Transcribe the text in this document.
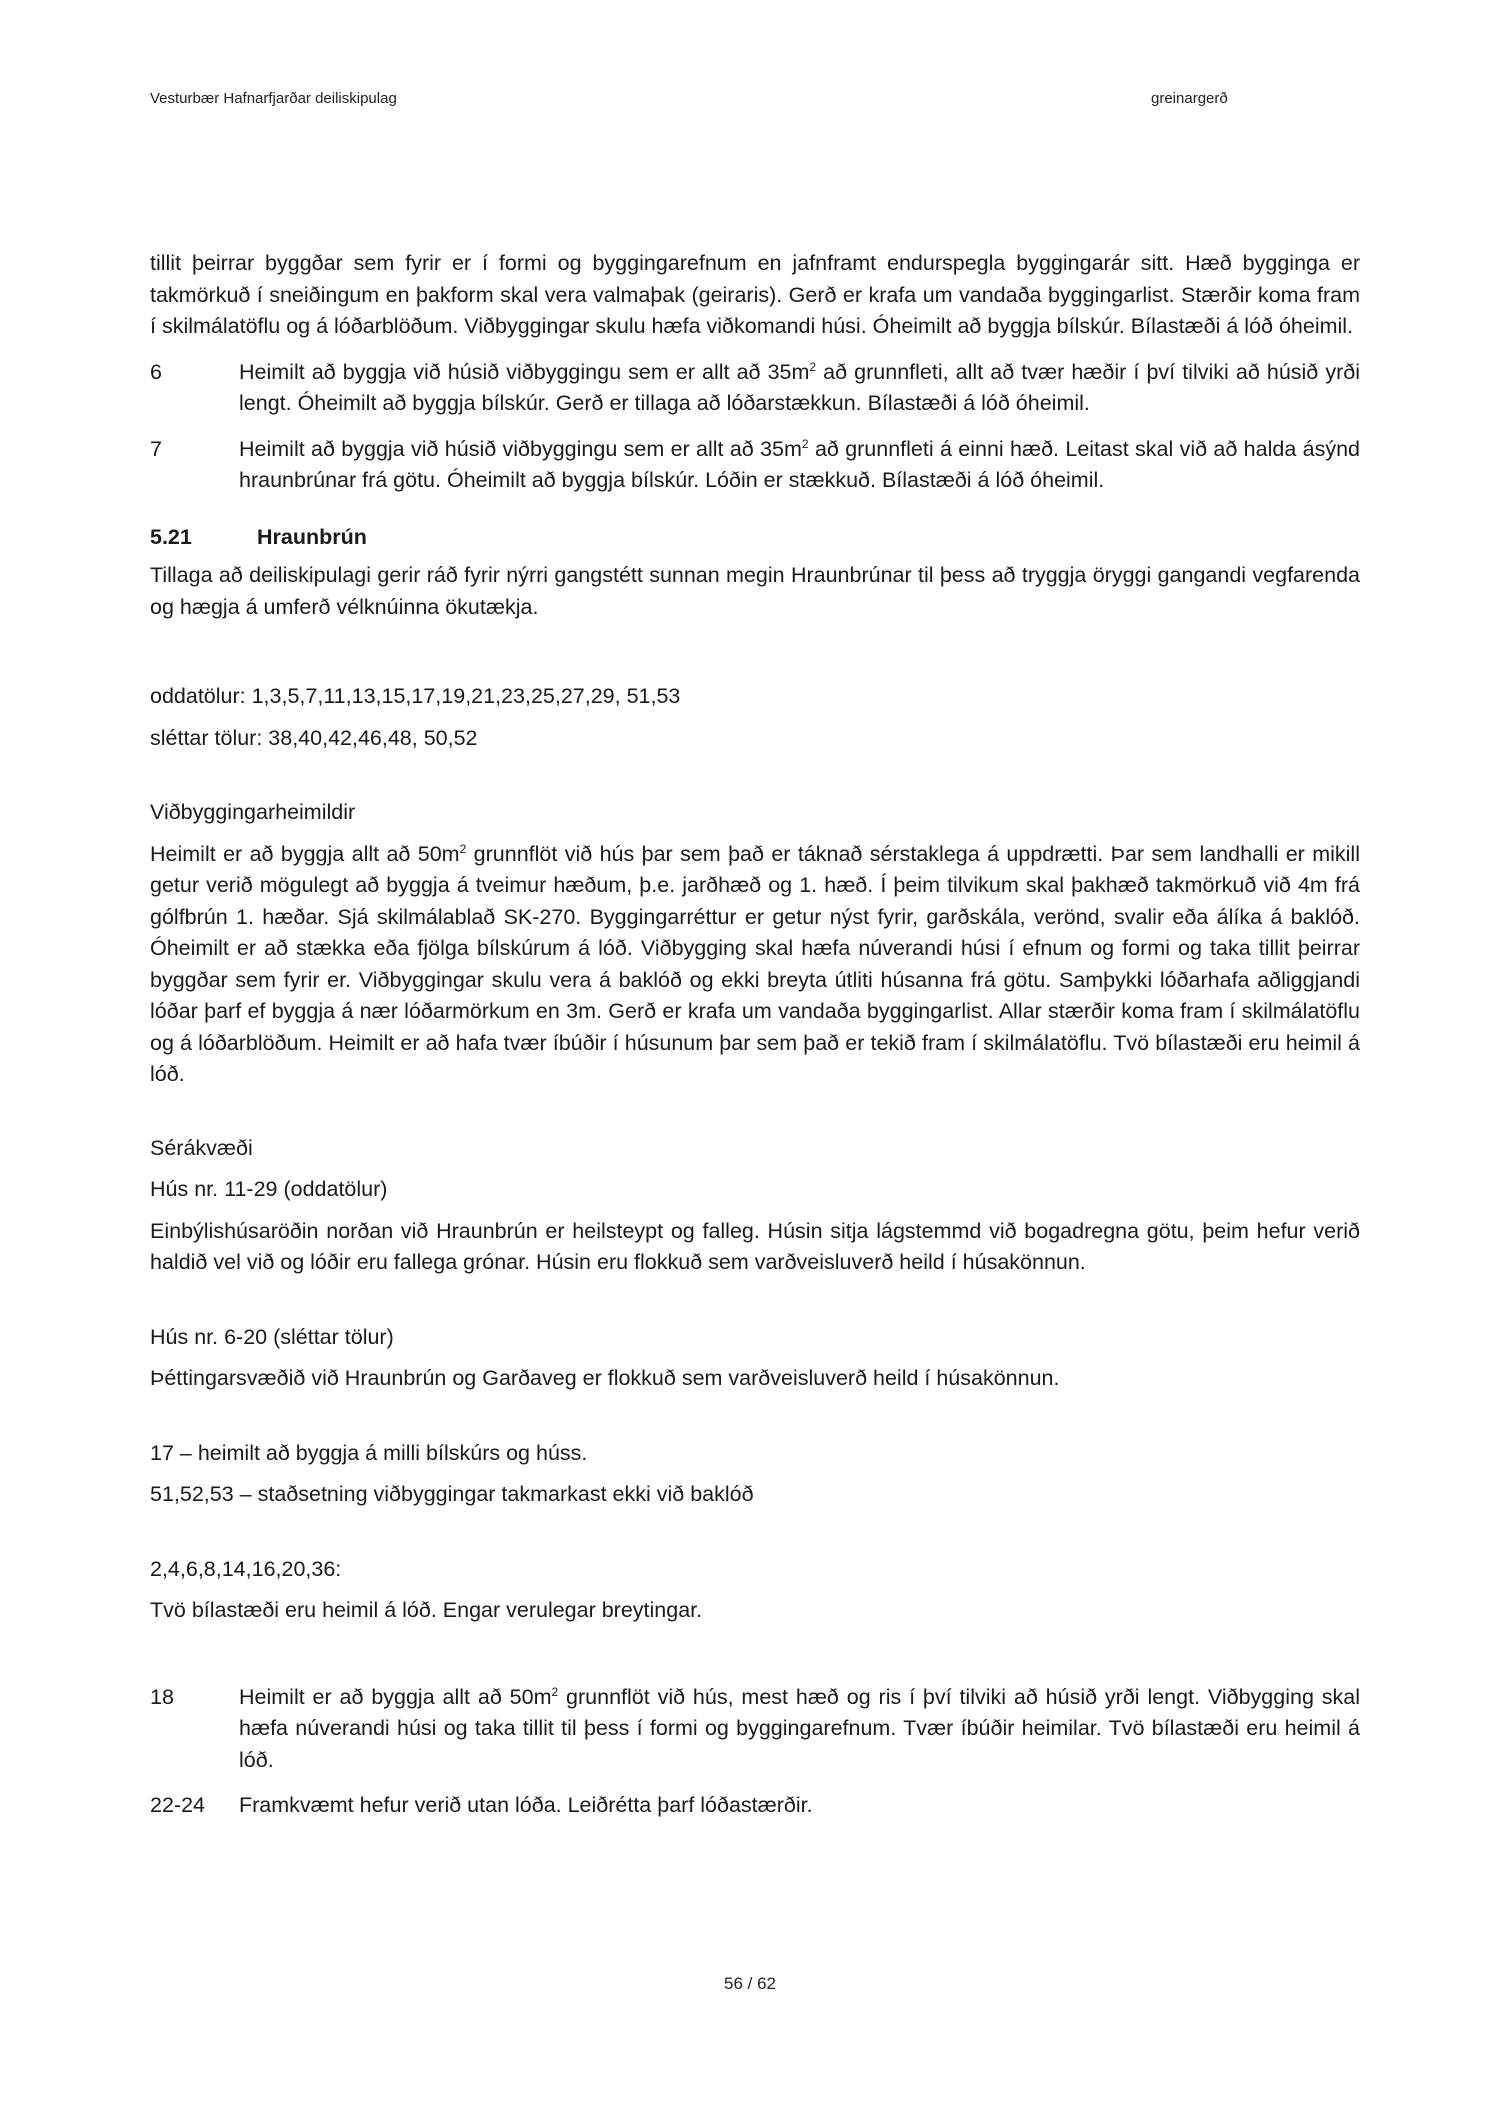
Vesturbær Hafnarfjarðar deiliskipulag	greinargerð

tillit þeirrar byggðar sem fyrir er í formi og byggingarefnum en jafnframt endurspegla byggingarár sitt. Hæð bygginga er takmörkuð í sneiðingum en þakform skal vera valmaþak (geiraris). Gerð er krafa um vandaða byggingarlist. Stærðir koma fram í skilmálatöflu og á lóðarblöðum. Viðbyggingar skulu hæfa viðkomandi húsi. Óheimilt að byggja bílskúr. Bílastæði á lóð óheimil.

6	Heimilt að byggja við húsið viðbyggingu sem er allt að $35m^2$ að grunnfleti, allt að tvær hæðir í því tilviki að húsið yrði lengt. Óheimilt að byggja bílskúr. Gerð er tillaga að lóðarstækkun. Bílastæði á lóð óheimil.
7	Heimilt að byggja við húsið viðbyggingu sem er allt að $35m^2$ að grunnfleti á einni hæð. Leitast skal við að halda ásýnd hraunbrúnar frá götu. Óheimilt að byggja bílskúr. Lóðin er stækkuð. Bílastæði á lóð óheimil.
5.21	Hraunbrún

Tillaga að deiliskipulagi gerir ráð fyrir nýrri gangstétt sunnan megin Hraunbrúnar til þess að tryggja öryggi gangandi vegfarenda og hægja á umferð vélknúinna ökutækja.

oddatölur: 1,3,5,7,11,13,15,17,19,21,23,25,27,29, 51,53

sléttar tölur: 38,40,42,46,48, 50,52

Viðbyggingarheimildir

Heimilt er að byggja allt að $50m^2$ grunnflöt við hús þar sem það er táknað sérstaklega á uppdrætti. Þar sem landhalli er mikill getur verið mögulegt að byggja á tveimur hæðum, þ.e. jarðhæð og 1. hæð. Í þeim tilvikum skal þakhæð takmörkuð við 4m frá gólfbrún 1. hæðar. Sjá skilmálablað SK-270. Byggingarréttur er getur nýst fyrir, garðskála, verönd, svalir eða álíka á baklóð. Óheimilt er að stækka eða fjölga bílskúrum á lóð. Viðbygging skal hæfa núverandi húsi í efnum og formi og taka tillit þeirrar byggðar sem fyrir er. Viðbyggingar skulu vera á baklóð og ekki breyta útliti húsanna frá götu. Samþykki lóðarhafa aðliggjandi lóðar þarf ef byggja á nær lóðarmörkum en 3m. Gerð er krafa um vandaða byggingarlist. Allar stærðir koma fram í skilmálatöflu og á lóðarblöðum. Heimilt er að hafa tvær íbúðir í húsunum þar sem það er tekið fram í skilmálatöflu. Tvö bílastæði eru heimil á lóð.

Sérákvæði

Hús nr. 11-29 (oddatölur)

Einbýlishúsaröðin norðan við Hraunbrún er heilsteypt og falleg. Húsin sitja lágstemmd við bogadregna götu, þeim hefur verið haldið vel við og lóðir eru fallega grónar. Húsin eru flokkuð sem varðveisluverð heild í húsakönnun.

Hús nr. 6-20 (sléttar tölur)

Þéttingarsvæðið við Hraunbrún og Garðaveg er flokkuð sem varðveisluverð heild í húsakönnun.

17 – heimilt að byggja á milli bílskúrs og húss.

51,52,53 – staðsetning viðbyggingar takmarkast ekki við baklóð

2,4,6,8,14,16,20,36:

Tvö bílastæði eru heimil á lóð. Engar verulegar breytingar.

18	Heimilt er að byggja allt að $50m^2$ grunnflöt við hús, mest hæð og ris í því tilviki að húsið yrði lengt. Viðbygging skal hæfa núverandi húsi og taka tillit til þess í formi og byggingarefnum. Tvær íbúðir heimilar. Tvö bílastæði eru heimil á lóð.
22-24	Framkvæmt hefur verið utan lóða. Leiðrétta þarf lóðastærðir.
56 / 62
